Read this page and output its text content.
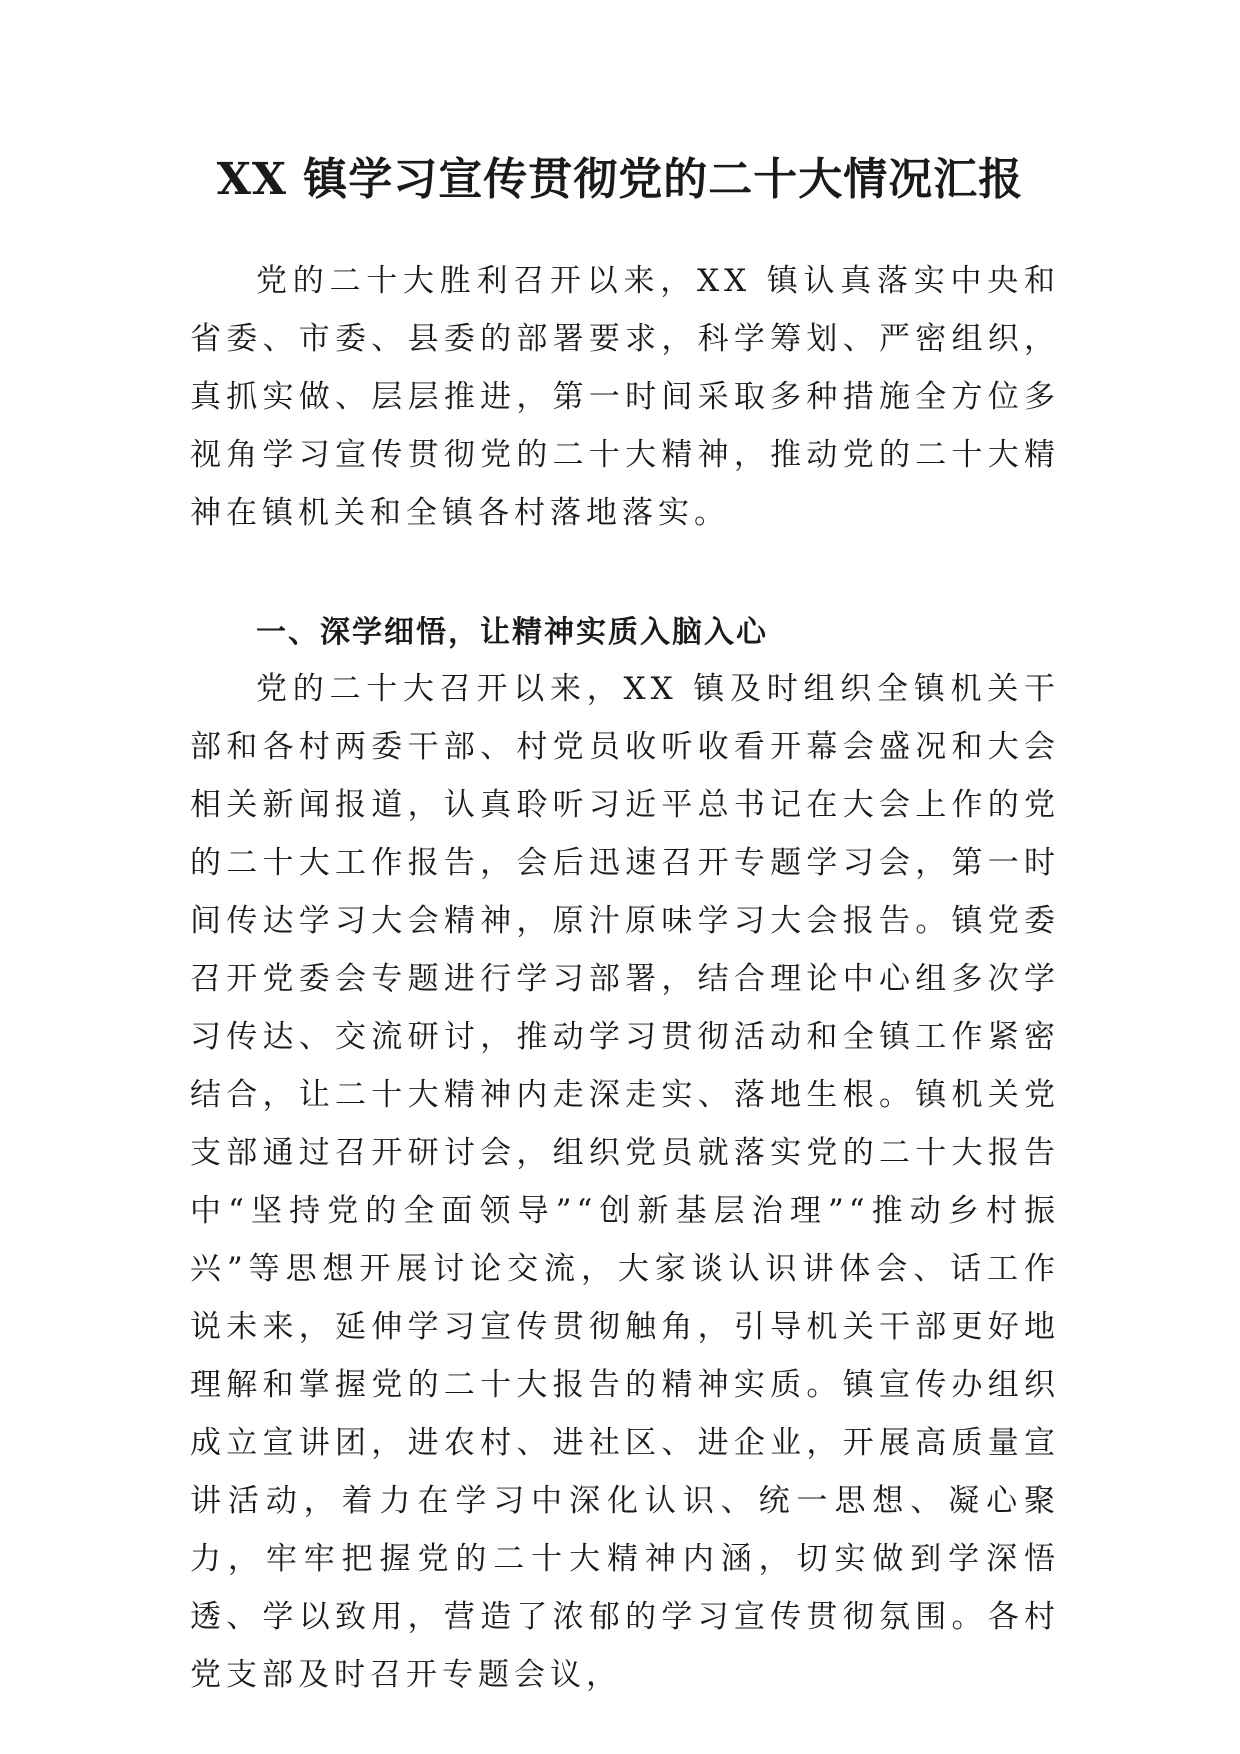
XX 镇学习宣传贯彻党的二十大情况汇报

党的二十大胜利召开以来，XX 镇认真落实中央和省委、市委、县委的部署要求，科学筹划、严密组织，真抓实做、层层推进，第一时间采取多种措施全方位多视角学习宣传贯彻党的二十大精神，推动党的二十大精神在镇机关和全镇各村落地落实。

一、深学细悟，让精神实质入脑入心

党的二十大召开以来，XX 镇及时组织全镇机关干部和各村两委干部、村党员收听收看开幕会盛况和大会相关新闻报道，认真聆听习近平总书记在大会上作的党的二十大工作报告，会后迅速召开专题学习会，第一时间传达学习大会精神，原汁原味学习大会报告。镇党委召开党委会专题进行学习部署，结合理论中心组多次学习传达、交流研讨，推动学习贯彻活动和全镇工作紧密结合，让二十大精神内走深走实、落地生根。镇机关党支部通过召开研讨会，组织党员就落实党的二十大报告中“坚持党的全面领导”“创新基层治理”“推动乡村振兴”等思想开展讨论交流，大家谈认识讲体会、话工作说未来，延伸学习宣传贯彻触角，引导机关干部更好地理解和掌握党的二十大报告的精神实质。镇宣传办组织成立宣讲团，进农村、进社区、进企业，开展高质量宣讲活动，着力在学习中深化认识、统一思想、凝心聚力，牢牢把握党的二十大精神内涵，切实做到学深悟透、学以致用，营造了浓郁的学习宣传贯彻氛围。各村党支部及时召开专题会议，
